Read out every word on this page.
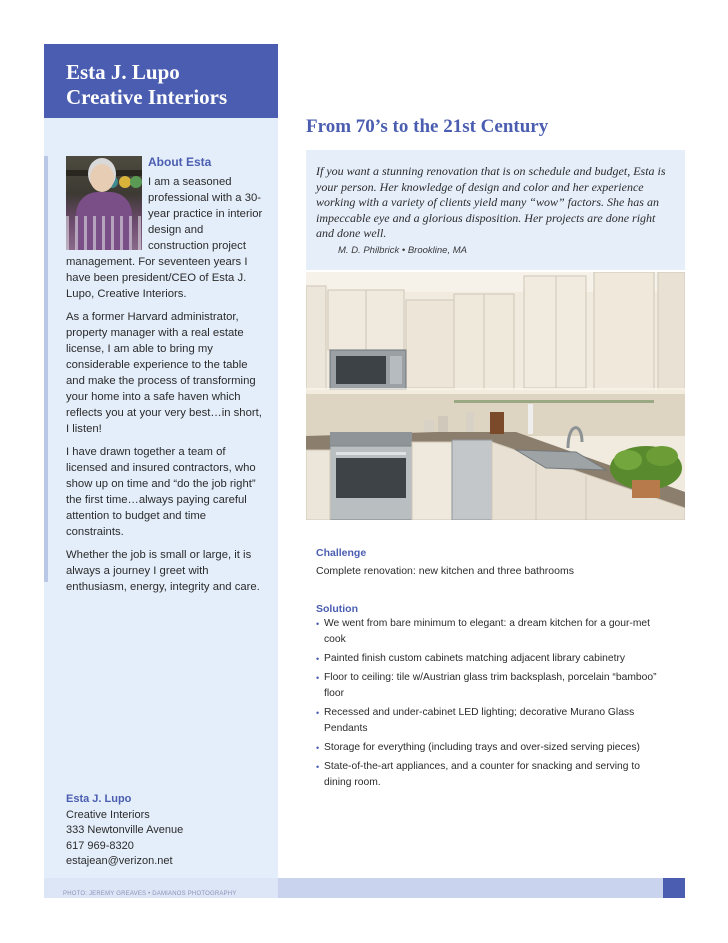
Esta J. Lupo
Creative Interiors
About Esta

I am a seasoned professional with a 30-year practice in interior design and construction project management. For seventeen years I have been president/CEO of Esta J. Lupo, Creative Interiors.

As a former Harvard administrator, property manager with a real estate license, I am able to bring my considerable experience to the table and make the process of transforming your home into a safe haven which reflects you at your very best…in short, I listen!

I have drawn together a team of licensed and insured contractors, who show up on time and “do the job right” the first time…always paying careful attention to budget and time constraints.

Whether the job is small or large, it is always a journey I greet with enthusiasm, energy, integrity and care.

Esta J. Lupo
Creative Interiors
333 Newtonville Avenue
617 969-8320
estajean@verizon.net
PHOTO: JEREMY GREAVES • DAMIANOS PHOTOGRAPHY
From 70’s to the 21st Century
If you want a stunning renovation that is on schedule and budget, Esta is your person. Her knowledge of design and color and her experience working with a variety of clients yield many “wow” factors. She has an impeccable eye and a glorious disposition. Her projects are done right and done well.
M. D. Philbrick • Brookline, MA
Challenge
Complete renovation: new kitchen and three bathrooms
Solution
• We went from bare minimum to elegant: a dream kitchen for a gour-met cook
• Painted finish custom cabinets matching adjacent library cabinetry
• Floor to ceiling: tile w/Austrian glass trim backsplash, porcelain “bamboo” floor
• Recessed and under-cabinet LED lighting; decorative Murano Glass Pendants
• Storage for everything (including trays and over-sized serving pieces)
• State-of-the-art appliances, and a counter for snacking and serving to dining room.
